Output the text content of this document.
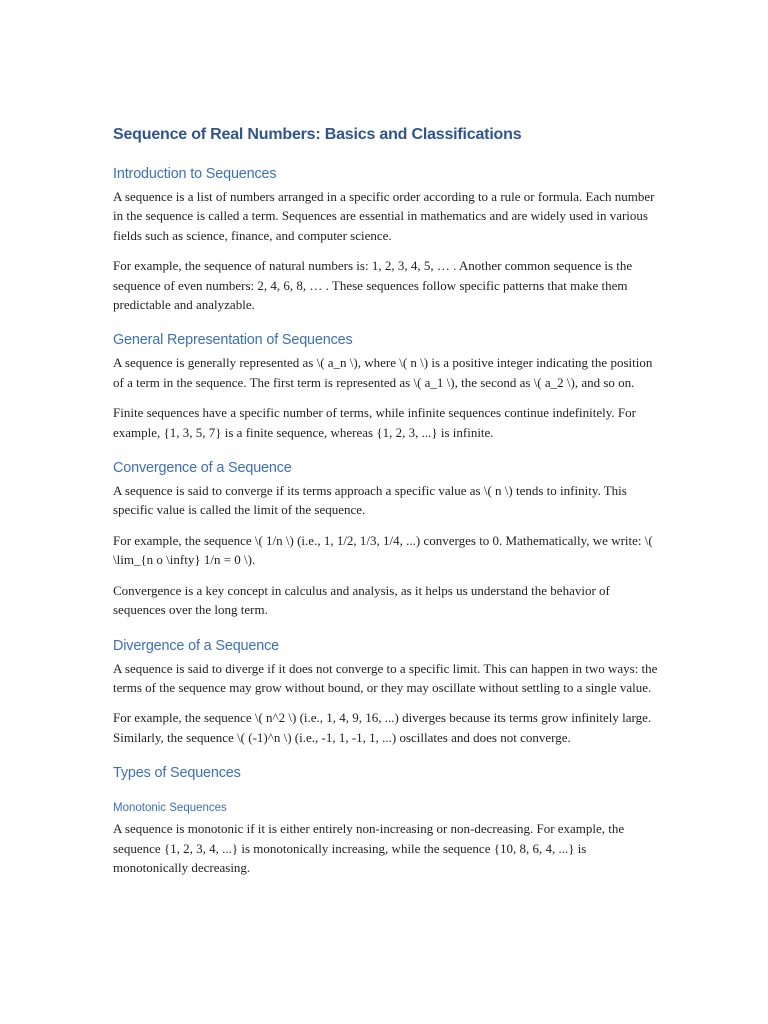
Sequence of Real Numbers: Basics and Classifications
Introduction to Sequences

A sequence is a list of numbers arranged in a specific order according to a rule or formula. Each number in the sequence is called a term. Sequences are essential in mathematics and are widely used in various fields such as science, finance, and computer science.

For example, the sequence of natural numbers is: 1, 2, 3, 4, 5, … . Another common sequence is the sequence of even numbers: 2, 4, 6, 8, … . These sequences follow specific patterns that make them predictable and analyzable.

General Representation of Sequences

A sequence is generally represented as \( a_n \), where \( n \) is a positive integer indicating the position of a term in the sequence. The first term is represented as \( a_1 \), the second as \( a_2 \), and so on.

Finite sequences have a specific number of terms, while infinite sequences continue indefinitely. For example, {1, 3, 5, 7} is a finite sequence, whereas {1, 2, 3, ...} is infinite.

Convergence of a Sequence

A sequence is said to converge if its terms approach a specific value as \( n \) tends to infinity. This specific value is called the limit of the sequence.

For example, the sequence \( 1/n \) (i.e., 1, 1/2, 1/3, 1/4, ...) converges to 0. Mathematically, we write: \( \lim_{n o \infty} 1/n = 0 \).

Convergence is a key concept in calculus and analysis, as it helps us understand the behavior of sequences over the long term.

Divergence of a Sequence

A sequence is said to diverge if it does not converge to a specific limit. This can happen in two ways: the terms of the sequence may grow without bound, or they may oscillate without settling to a single value.

For example, the sequence \( n^2 \) (i.e., 1, 4, 9, 16, ...) diverges because its terms grow infinitely large. Similarly, the sequence \( (-1)^n \) (i.e., -1, 1, -1, 1, ...) oscillates and does not converge.

Types of Sequences
Monotonic Sequences

A sequence is monotonic if it is either entirely non-increasing or non-decreasing. For example, the sequence {1, 2, 3, 4, ...} is monotonically increasing, while the sequence {10, 8, 6, 4, ...} is monotonically decreasing.
